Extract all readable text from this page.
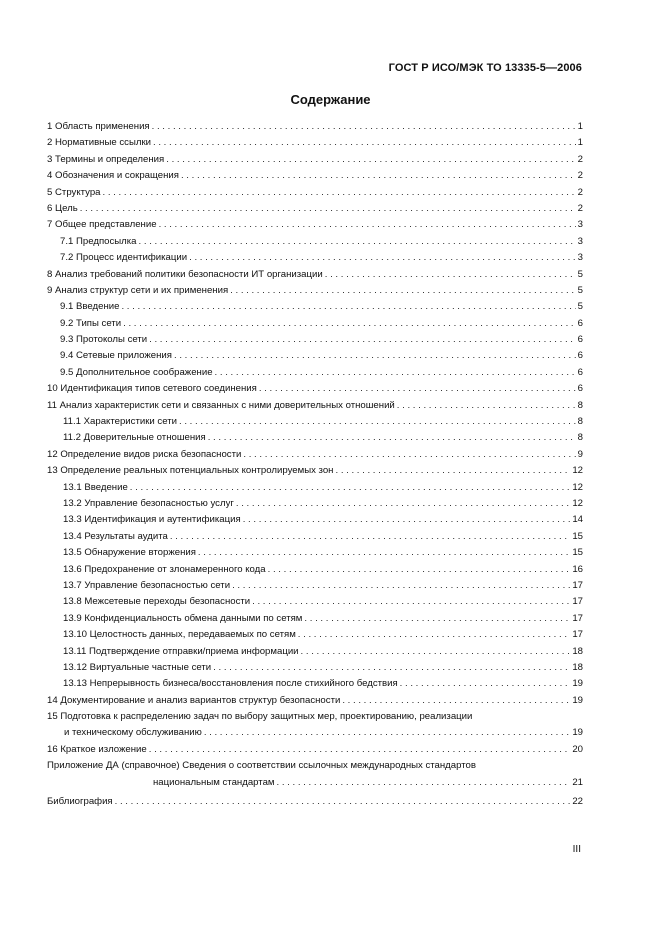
ГОСТ Р ИСО/МЭК ТО 13335-5—2006
Содержание
1 Область применения . . .	1
2 Нормативные ссылки . . .	1
3 Термины и определения . . .	2
4 Обозначения и сокращения . . .	2
5 Структура . . .	2
6 Цель . . .	2
7 Общее представление . . .	3
7.1 Предпосылка . . .	3
7.2 Процесс идентификации . . .	3
8 Анализ требований политики безопасности ИТ организации . . .	5
9 Анализ структур сети и их применения . . .	5
9.1 Введение . . .	5
9.2 Типы сети . . .	6
9.3 Протоколы сети . . .	6
9.4 Сетевые приложения . . .	6
9.5 Дополнительное соображение . . .	6
10 Идентификация типов сетевого соединения . . .	6
11 Анализ характеристик сети и связанных с ними доверительных отношений . . .	8
11.1 Характеристики сети . . .	8
11.2 Доверительные отношения . . .	8
12 Определение видов риска безопасности . . .	9
13 Определение реальных потенциальных контролируемых зон . . .	12
13.1 Введение . . .	12
13.2 Управление безопасностью услуг . . .	12
13.3 Идентификация и аутентификация . . .	14
13.4 Результаты аудита . . .	15
13.5 Обнаружение вторжения . . .	15
13.6 Предохранение от злонамеренного кода . . .	16
13.7 Управление безопасностью сети . . .	17
13.8 Межсетевые переходы безопасности . . .	17
13.9 Конфиденциальность обмена данными по сетям . . .	17
13.10 Целостность данных, передаваемых по сетям . . .	17
13.11 Подтверждение отправки/приема информации . . .	18
13.12 Виртуальные частные сети . . .	18
13.13 Непрерывность бизнеса/восстановления после стихийного бедствия . . .	19
14 Документирование и анализ вариантов структур безопасности . . .	19
15 Подготовка к распределению задач по выбору защитных мер, проектированию, реализации
и техническому обслуживанию . . .	19
16 Краткое изложение . . .	20
Приложение ДА (справочное) Сведения о соответствии ссылочных международных стандартов
национальным стандартам . . .	21
Библиография . . .	22
III
